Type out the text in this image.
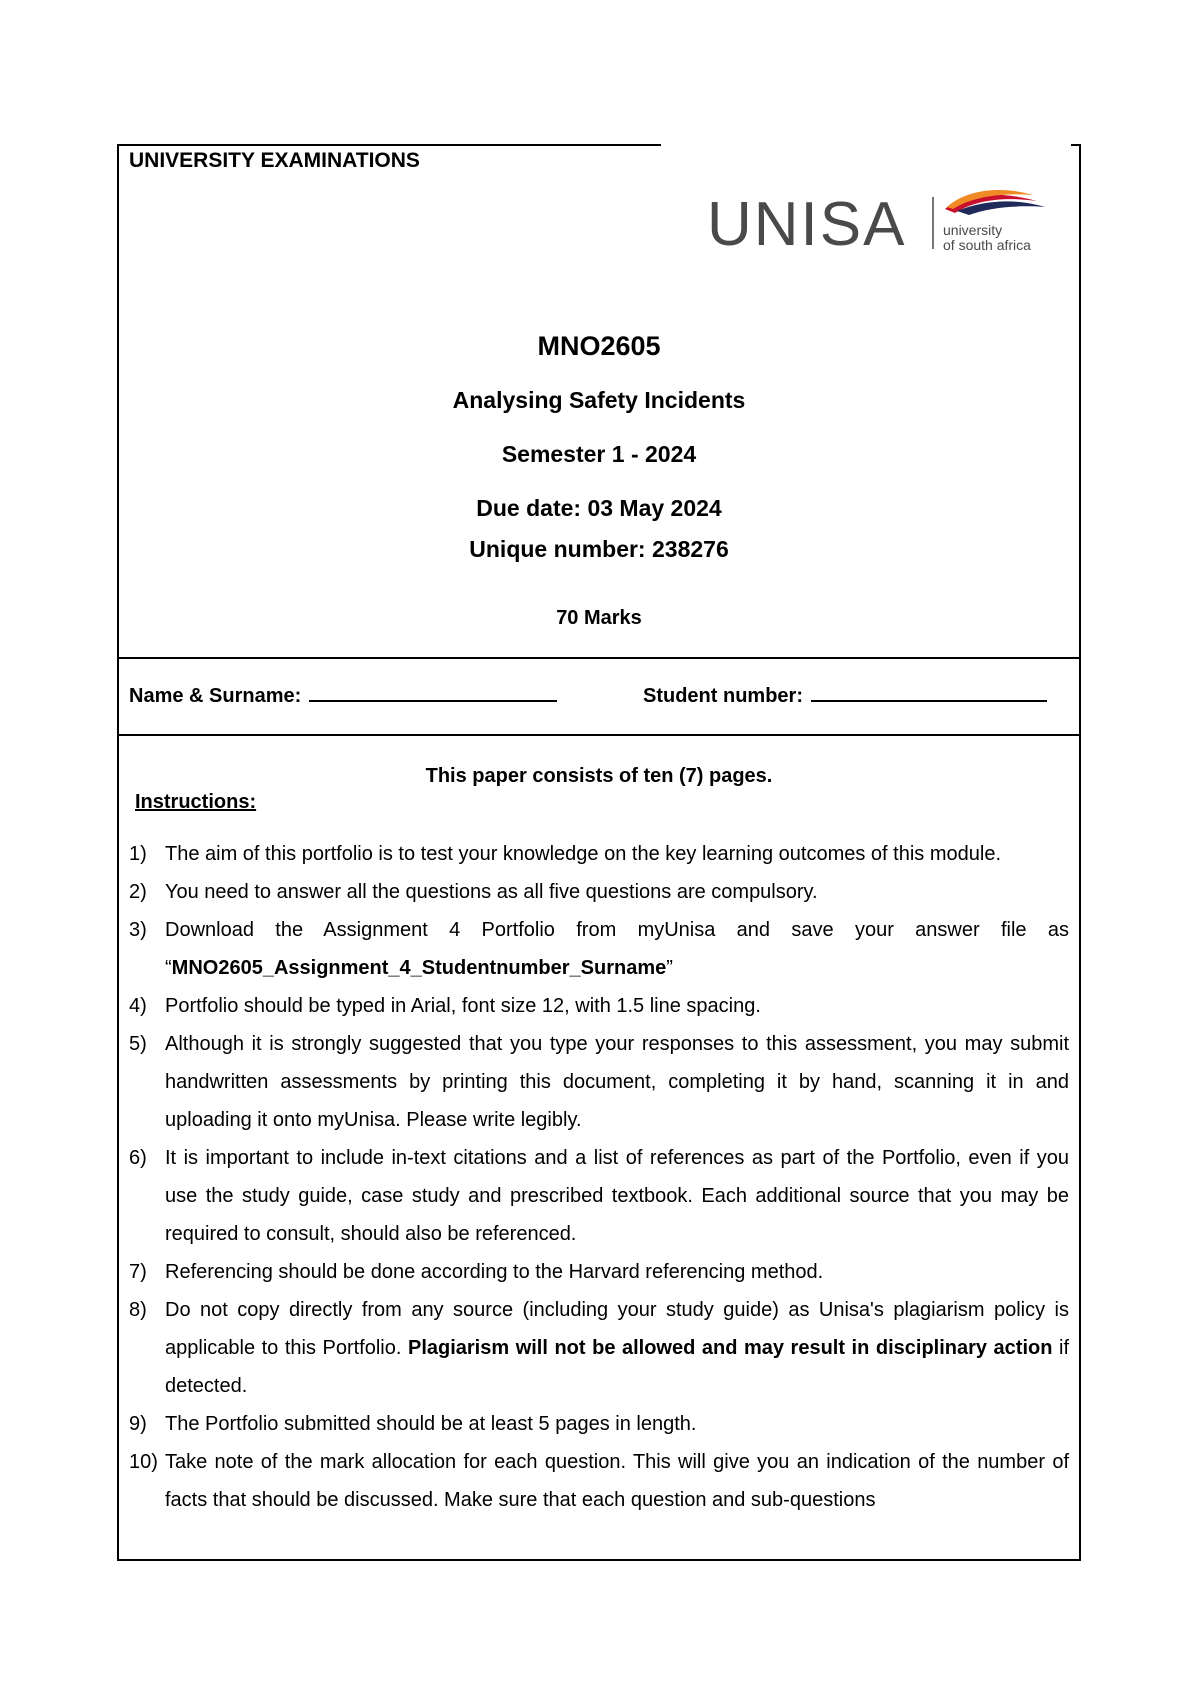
UNIVERSITY EXAMINATIONS
UNISA	university
of south africa
MNO2605
Analysing Safety Incidents
Semester 1 - 2024
Due date: 03 May 2024
Unique number: 238276
70 Marks
Name & Surname:	Student number:
This paper consists of ten (7) pages.
Instructions:
1) The aim of this portfolio is to test your knowledge on the key learning outcomes of this module.
2) You need to answer all the questions as all five questions are compulsory.
3) Download the Assignment 4 Portfolio from myUnisa and save your answer file as “MNO2605_Assignment_4_Studentnumber_Surname”
4) Portfolio should be typed in Arial, font size 12, with 1.5 line spacing.
5) Although it is strongly suggested that you type your responses to this assessment, you may submit handwritten assessments by printing this document, completing it by hand, scanning it in and uploading it onto myUnisa. Please write legibly.
6) It is important to include in-text citations and a list of references as part of the Portfolio, even if you use the study guide, case study and prescribed textbook. Each additional source that you may be required to consult, should also be referenced.
7) Referencing should be done according to the Harvard referencing method.
8) Do not copy directly from any source (including your study guide) as Unisa's plagiarism policy is applicable to this Portfolio. Plagiarism will not be allowed and may result in disciplinary action if detected.
9) The Portfolio submitted should be at least 5 pages in length.
10) Take note of the mark allocation for each question. This will give you an indication of the number of facts that should be discussed. Make sure that each question and sub-questions
